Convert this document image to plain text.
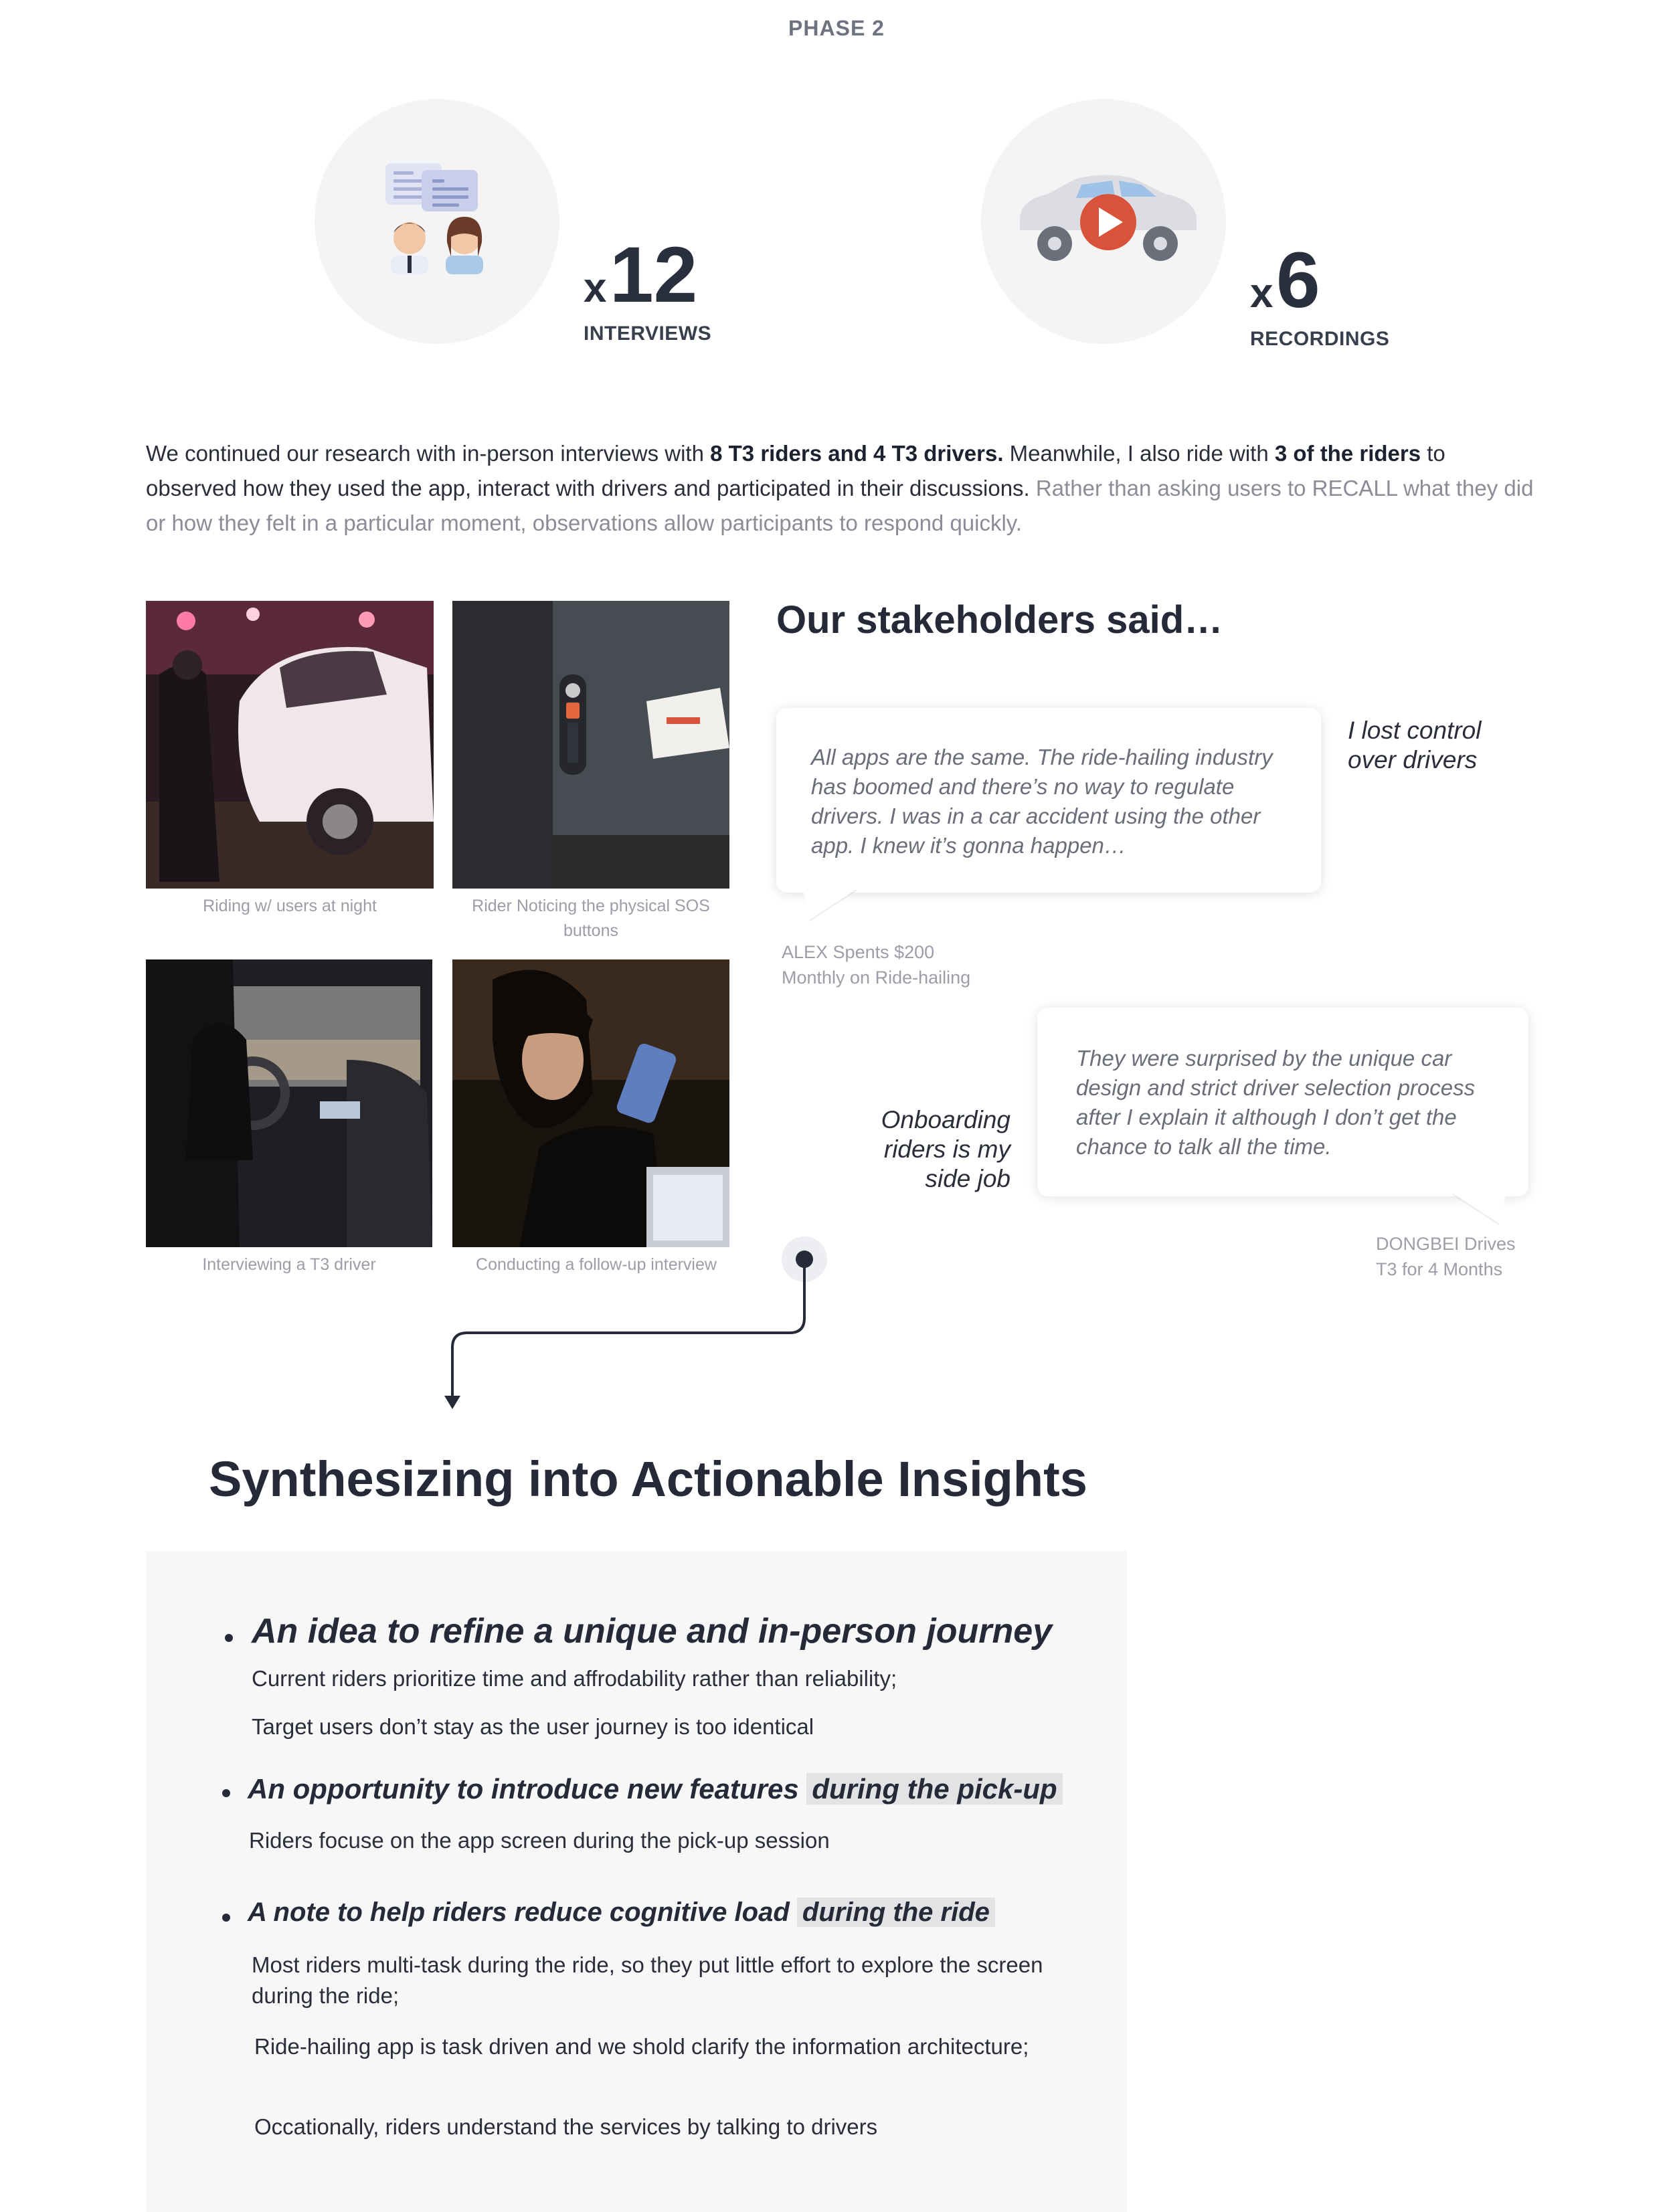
PHASE 2
x 12
INTERVIEWS
x 6
RECORDINGS
We continued our research with in-person interviews with 8 T3 riders and 4 T3 drivers. Meanwhile, I also ride with 3 of the riders to observed how they used the app, interact with drivers and participated in their discussions. Rather than asking users to RECALL what they did or how they felt in a particular moment, observations allow participants to respond quickly.
Riding w/ users at night	Rider Noticing the physical SOS buttons
Interviewing a T3 driver	Conducting a follow-up interview
Our stakeholders said…

All apps are the same. The ride-hailing industry has boomed and there’s no way to regulate drivers. I was in a car accident using the other app. I knew it’s gonna happen…

I lost control over drivers
ALEX Spents $200 Monthly on Ride-hailing

They were surprised by the unique car design and strict driver selection process after I explain it although I don’t get the chance to talk all the time.

Onboarding riders is my side job
DONGBEI Drives T3 for 4 Months
Synthesizing into Actionable Insights
An idea to refine a unique and in-person journey
Current riders prioritize time and affrodability rather than reliability;
Target users don’t stay as the user journey is too identical
An opportunity to introduce new features during the pick-up
Riders focuse on the app screen during the pick-up session
A note to help riders reduce cognitive load during the ride
Most riders multi-task during the ride, so they put little effort to explore the screen during the ride;
Ride-hailing app is task driven and we shold clarify the information architecture;
Occationally, riders understand the services by talking to drivers
